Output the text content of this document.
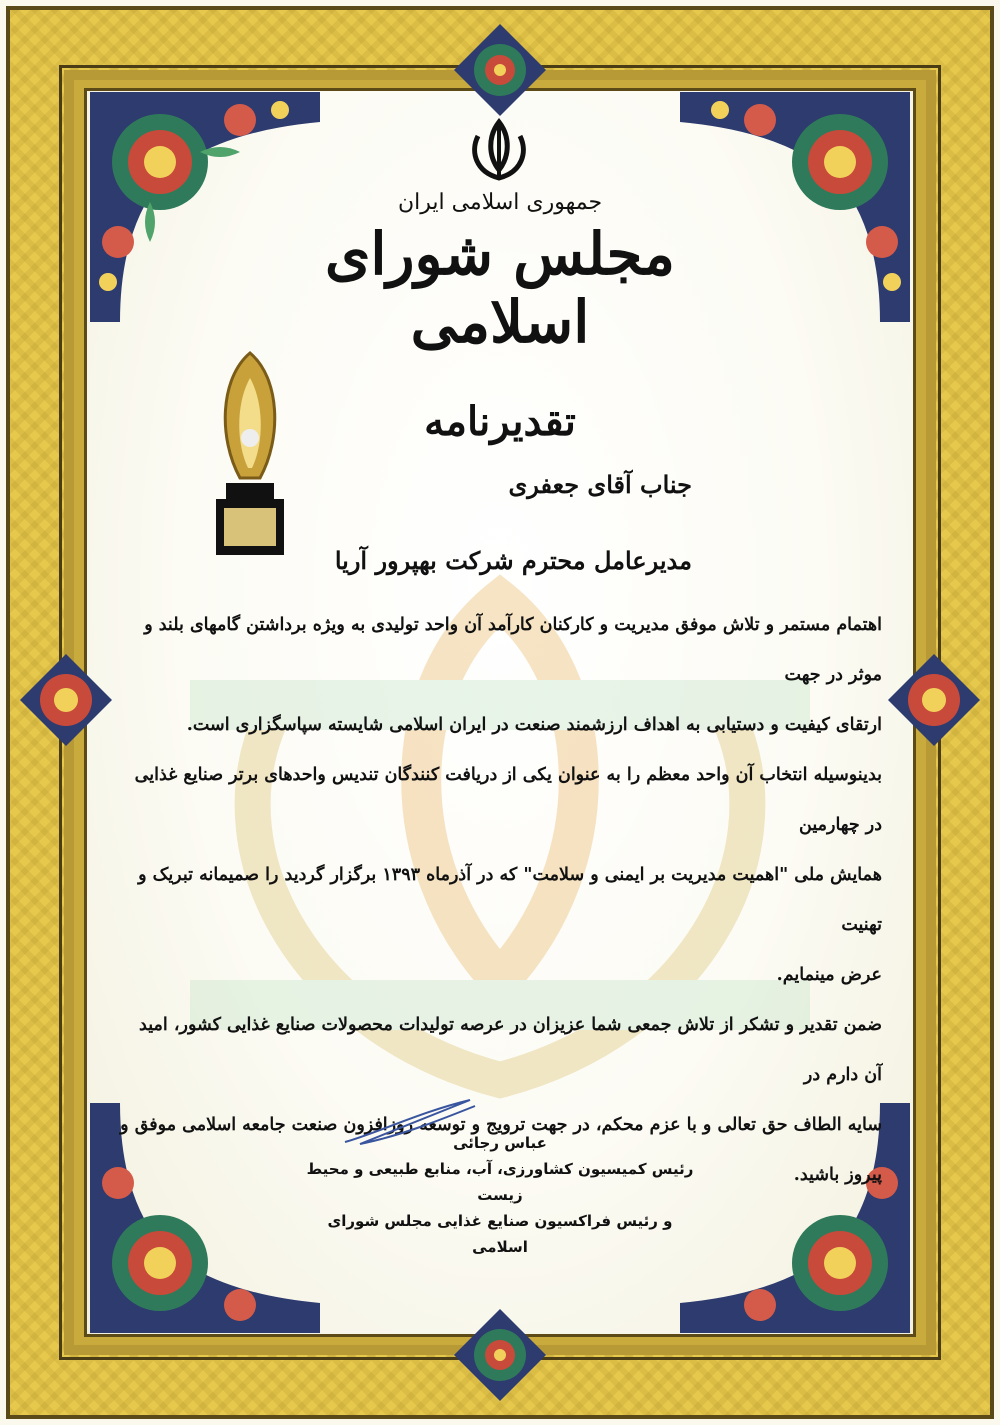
جمهوری اسلامی ایران
مجلس شورای اسلامی
تقدیرنامه
جناب آقای جعفری
مدیرعامل محترم شرکت بهپرور آریا

اهتمام مستمر و تلاش موفق مدیریت و کارکنان کارآمد آن واحد تولیدی به ویژه برداشتن گامهای بلند و موثر در جهت

ارتقای کیفیت و دستیابی به اهداف ارزشمند صنعت در ایران اسلامی شایسته سپاسگزاری است.

بدینوسیله انتخاب آن واحد معظم را به عنوان یکی از دریافت کنندگان تندیس واحدهای برتر صنایع غذایی در چهارمین

همایش ملی "اهمیت مدیریت بر ایمنی و سلامت" که در آذرماه ۱۳۹۳ برگزار گردید را صمیمانه تبریک و تهنیت

عرض مینمایم.

ضمن تقدیر و تشکر از تلاش جمعی شما عزیزان در عرصه تولیدات محصولات صنایع غذایی کشور، امید آن دارم در

سایه الطاف حق تعالی و با عزم محکم، در جهت ترویج و توسعه روزافزون صنعت جامعه اسلامی موفق و پیروز باشید.

عباس رجائی
رئیس کمیسیون کشاورزی، آب، منابع طبیعی و محیط زیست
و رئیس فراکسیون صنایع غذایی مجلس شورای اسلامی
